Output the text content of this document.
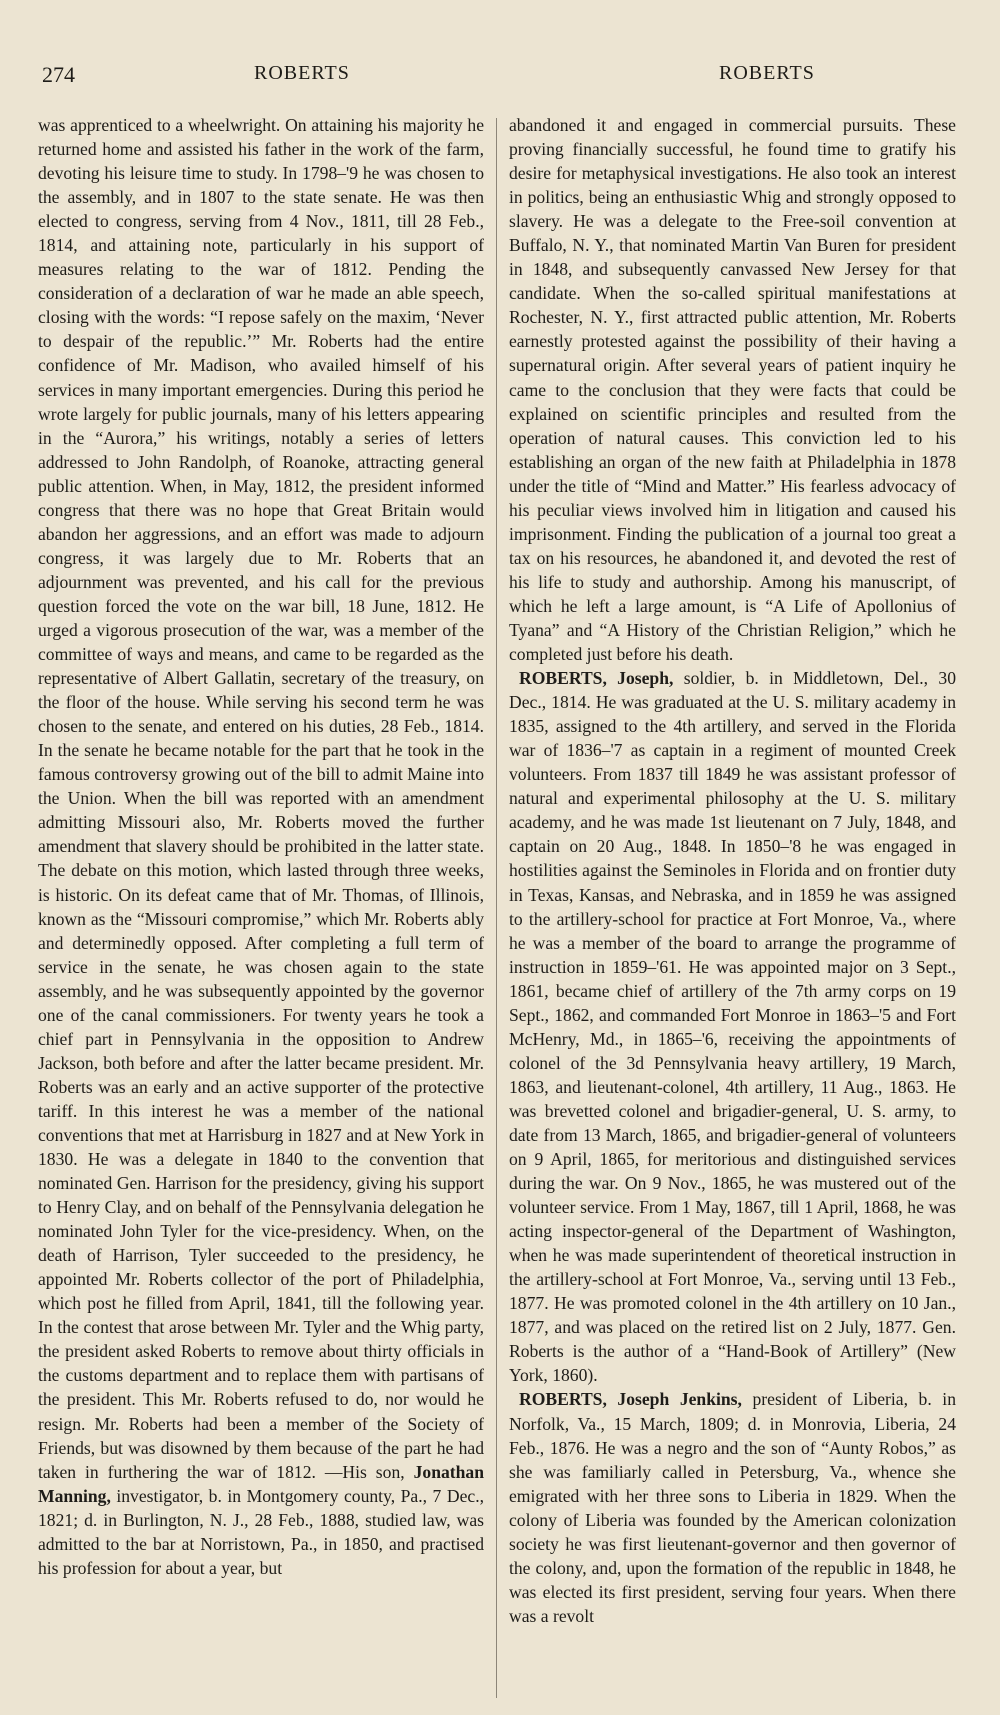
274	ROBERTS	ROBERTS

was apprenticed to a wheelwright. On attaining his majority he returned home and assisted his father in the work of the farm, devoting his leisure time to study. In 1798–'9 he was chosen to the assembly, and in 1807 to the state senate. He was then elected to congress, serving from 4 Nov., 1811, till 28 Feb., 1814, and attaining note, particularly in his support of measures relating to the war of 1812. Pending the consideration of a declaration of war he made an able speech, closing with the words: “I repose safely on the maxim, ‘Never to despair of the republic.’” Mr. Roberts had the entire confidence of Mr. Madison, who availed himself of his services in many important emergencies. During this period he wrote largely for public journals, many of his letters appearing in the “Aurora,” his writings, notably a series of letters addressed to John Randolph, of Roanoke, attracting general public attention. When, in May, 1812, the president informed congress that there was no hope that Great Britain would abandon her aggressions, and an effort was made to adjourn congress, it was largely due to Mr. Roberts that an adjournment was prevented, and his call for the previous question forced the vote on the war bill, 18 June, 1812. He urged a vigorous prosecution of the war, was a member of the committee of ways and means, and came to be regarded as the representative of Albert Gallatin, secretary of the treasury, on the floor of the house. While serving his second term he was chosen to the senate, and entered on his duties, 28 Feb., 1814. In the senate he became notable for the part that he took in the famous controversy growing out of the bill to admit Maine into the Union. When the bill was reported with an amendment admitting Missouri also, Mr. Roberts moved the further amendment that slavery should be prohibited in the latter state. The debate on this motion, which lasted through three weeks, is historic. On its defeat came that of Mr. Thomas, of Illinois, known as the “Missouri compromise,” which Mr. Roberts ably and determinedly opposed. After completing a full term of service in the senate, he was chosen again to the state assembly, and he was subsequently appointed by the governor one of the canal commissioners. For twenty years he took a chief part in Pennsylvania in the opposition to Andrew Jackson, both before and after the latter became president. Mr. Roberts was an early and an active supporter of the protective tariff. In this interest he was a member of the national conventions that met at Harrisburg in 1827 and at New York in 1830. He was a delegate in 1840 to the convention that nominated Gen. Harrison for the presidency, giving his support to Henry Clay, and on behalf of the Pennsylvania delegation he nominated John Tyler for the vice-presidency. When, on the death of Harrison, Tyler succeeded to the presidency, he appointed Mr. Roberts collector of the port of Philadelphia, which post he filled from April, 1841, till the following year. In the contest that arose between Mr. Tyler and the Whig party, the president asked Roberts to remove about thirty officials in the customs department and to replace them with partisans of the president. This Mr. Roberts refused to do, nor would he resign. Mr. Roberts had been a member of the Society of Friends, but was disowned by them because of the part he had taken in furthering the war of 1812. —His son, Jonathan Manning, investigator, b. in Montgomery county, Pa., 7 Dec., 1821; d. in Burlington, N. J., 28 Feb., 1888, studied law, was admitted to the bar at Norristown, Pa., in 1850, and practised his profession for about a year, but

abandoned it and engaged in commercial pursuits. These proving financially successful, he found time to gratify his desire for metaphysical investigations. He also took an interest in politics, being an enthusiastic Whig and strongly opposed to slavery. He was a delegate to the Free-soil convention at Buffalo, N. Y., that nominated Martin Van Buren for president in 1848, and subsequently canvassed New Jersey for that candidate. When the so-called spiritual manifestations at Rochester, N. Y., first attracted public attention, Mr. Roberts earnestly protested against the possibility of their having a supernatural origin. After several years of patient inquiry he came to the conclusion that they were facts that could be explained on scientific principles and resulted from the operation of natural causes. This conviction led to his establishing an organ of the new faith at Philadelphia in 1878 under the title of “Mind and Matter.” His fearless advocacy of his peculiar views involved him in litigation and caused his imprisonment. Finding the publication of a journal too great a tax on his resources, he abandoned it, and devoted the rest of his life to study and authorship. Among his manuscript, of which he left a large amount, is “A Life of Apollonius of Tyana” and “A History of the Christian Religion,” which he completed just before his death.

ROBERTS, Joseph, soldier, b. in Middletown, Del., 30 Dec., 1814. He was graduated at the U. S. military academy in 1835, assigned to the 4th artillery, and served in the Florida war of 1836–'7 as captain in a regiment of mounted Creek volunteers. From 1837 till 1849 he was assistant professor of natural and experimental philosophy at the U. S. military academy, and he was made 1st lieutenant on 7 July, 1848, and captain on 20 Aug., 1848. In 1850–'8 he was engaged in hostilities against the Seminoles in Florida and on frontier duty in Texas, Kansas, and Nebraska, and in 1859 he was assigned to the artillery-school for practice at Fort Monroe, Va., where he was a member of the board to arrange the programme of instruction in 1859–'61. He was appointed major on 3 Sept., 1861, became chief of artillery of the 7th army corps on 19 Sept., 1862, and commanded Fort Monroe in 1863–'5 and Fort McHenry, Md., in 1865–'6, receiving the appointments of colonel of the 3d Pennsylvania heavy artillery, 19 March, 1863, and lieutenant-colonel, 4th artillery, 11 Aug., 1863. He was brevetted colonel and brigadier-general, U. S. army, to date from 13 March, 1865, and brigadier-general of volunteers on 9 April, 1865, for meritorious and distinguished services during the war. On 9 Nov., 1865, he was mustered out of the volunteer service. From 1 May, 1867, till 1 April, 1868, he was acting inspector-general of the Department of Washington, when he was made superintendent of theoretical instruction in the artillery-school at Fort Monroe, Va., serving until 13 Feb., 1877. He was promoted colonel in the 4th artillery on 10 Jan., 1877, and was placed on the retired list on 2 July, 1877. Gen. Roberts is the author of a “Hand-Book of Artillery” (New York, 1860).

ROBERTS, Joseph Jenkins, president of Liberia, b. in Norfolk, Va., 15 March, 1809; d. in Monrovia, Liberia, 24 Feb., 1876. He was a negro and the son of “Aunty Robos,” as she was familiarly called in Petersburg, Va., whence she emigrated with her three sons to Liberia in 1829. When the colony of Liberia was founded by the American colonization society he was first lieutenant-governor and then governor of the colony, and, upon the formation of the republic in 1848, he was elected its first president, serving four years. When there was a revolt
